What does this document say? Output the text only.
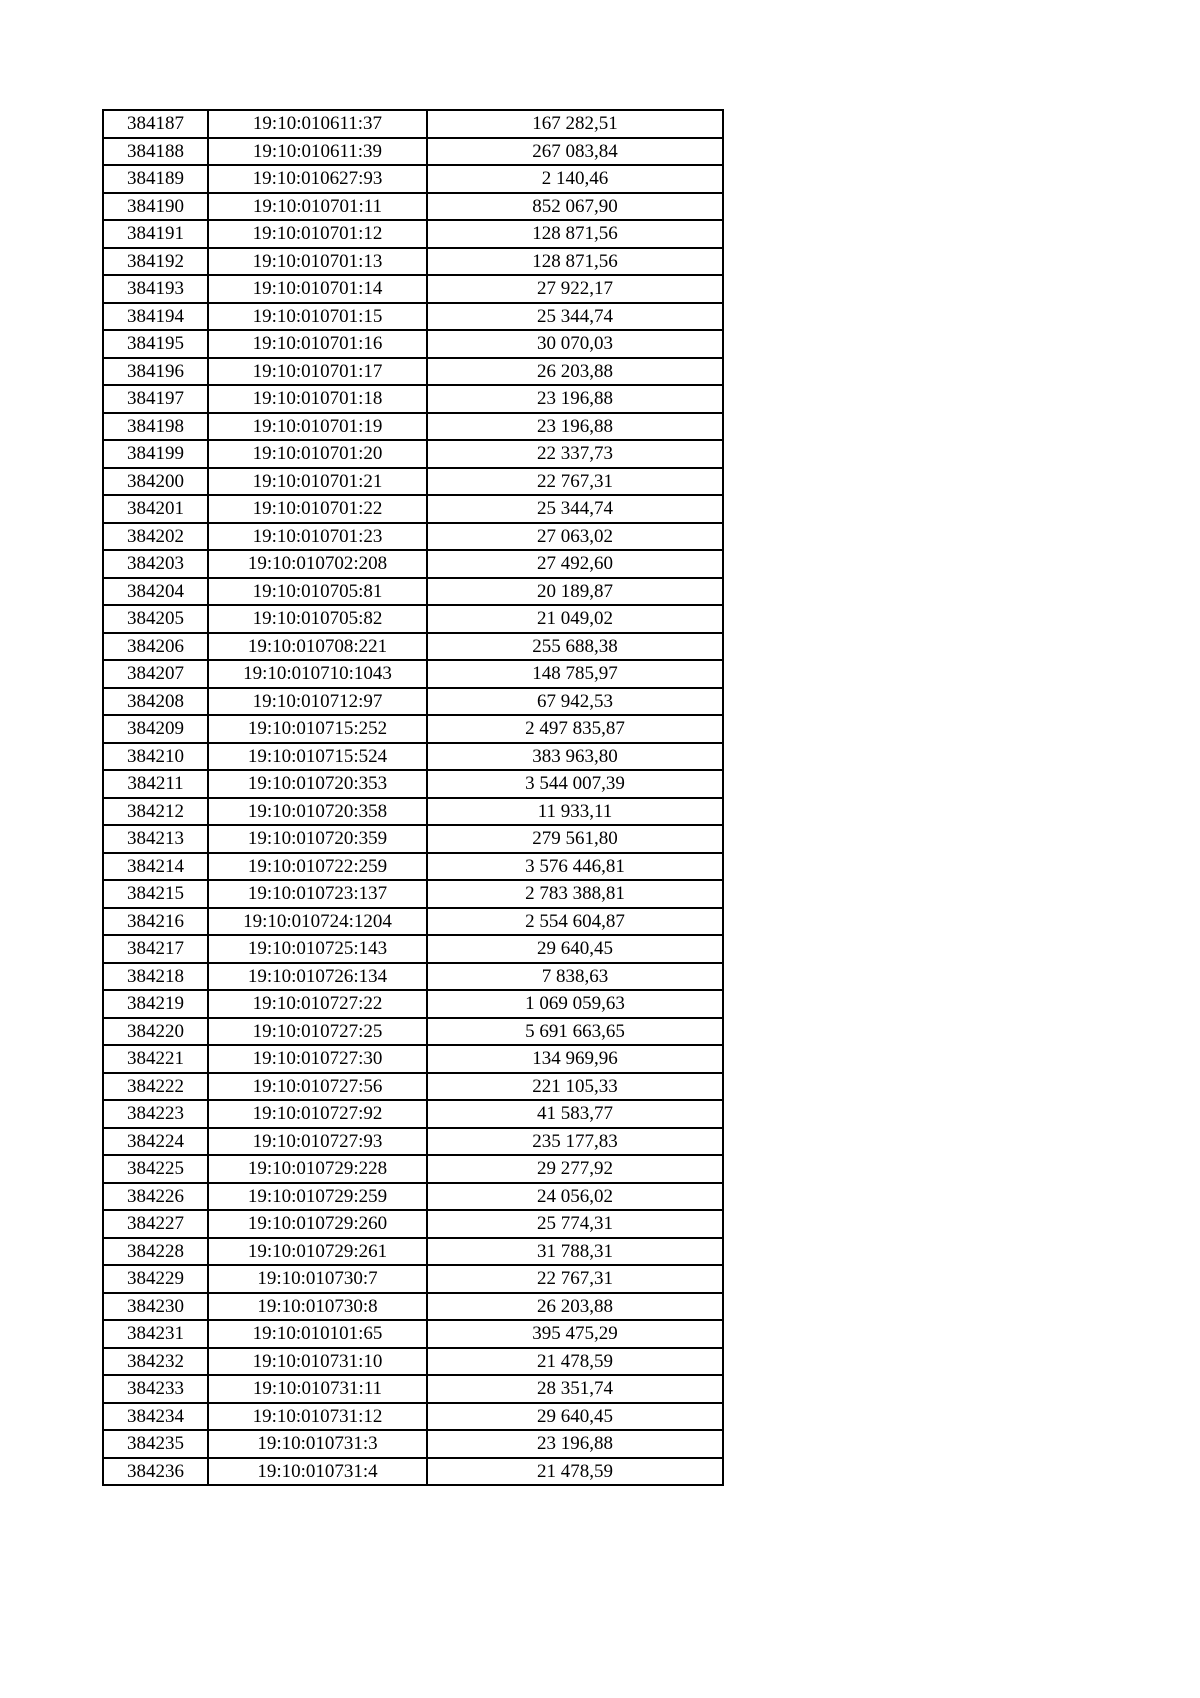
384187	19:10:010611:37	167 282,51
384188	19:10:010611:39	267 083,84
384189	19:10:010627:93	2 140,46
384190	19:10:010701:11	852 067,90
384191	19:10:010701:12	128 871,56
384192	19:10:010701:13	128 871,56
384193	19:10:010701:14	27 922,17
384194	19:10:010701:15	25 344,74
384195	19:10:010701:16	30 070,03
384196	19:10:010701:17	26 203,88
384197	19:10:010701:18	23 196,88
384198	19:10:010701:19	23 196,88
384199	19:10:010701:20	22 337,73
384200	19:10:010701:21	22 767,31
384201	19:10:010701:22	25 344,74
384202	19:10:010701:23	27 063,02
384203	19:10:010702:208	27 492,60
384204	19:10:010705:81	20 189,87
384205	19:10:010705:82	21 049,02
384206	19:10:010708:221	255 688,38
384207	19:10:010710:1043	148 785,97
384208	19:10:010712:97	67 942,53
384209	19:10:010715:252	2 497 835,87
384210	19:10:010715:524	383 963,80
384211	19:10:010720:353	3 544 007,39
384212	19:10:010720:358	11 933,11
384213	19:10:010720:359	279 561,80
384214	19:10:010722:259	3 576 446,81
384215	19:10:010723:137	2 783 388,81
384216	19:10:010724:1204	2 554 604,87
384217	19:10:010725:143	29 640,45
384218	19:10:010726:134	7 838,63
384219	19:10:010727:22	1 069 059,63
384220	19:10:010727:25	5 691 663,65
384221	19:10:010727:30	134 969,96
384222	19:10:010727:56	221 105,33
384223	19:10:010727:92	41 583,77
384224	19:10:010727:93	235 177,83
384225	19:10:010729:228	29 277,92
384226	19:10:010729:259	24 056,02
384227	19:10:010729:260	25 774,31
384228	19:10:010729:261	31 788,31
384229	19:10:010730:7	22 767,31
384230	19:10:010730:8	26 203,88
384231	19:10:010101:65	395 475,29
384232	19:10:010731:10	21 478,59
384233	19:10:010731:11	28 351,74
384234	19:10:010731:12	29 640,45
384235	19:10:010731:3	23 196,88
384236	19:10:010731:4	21 478,59
